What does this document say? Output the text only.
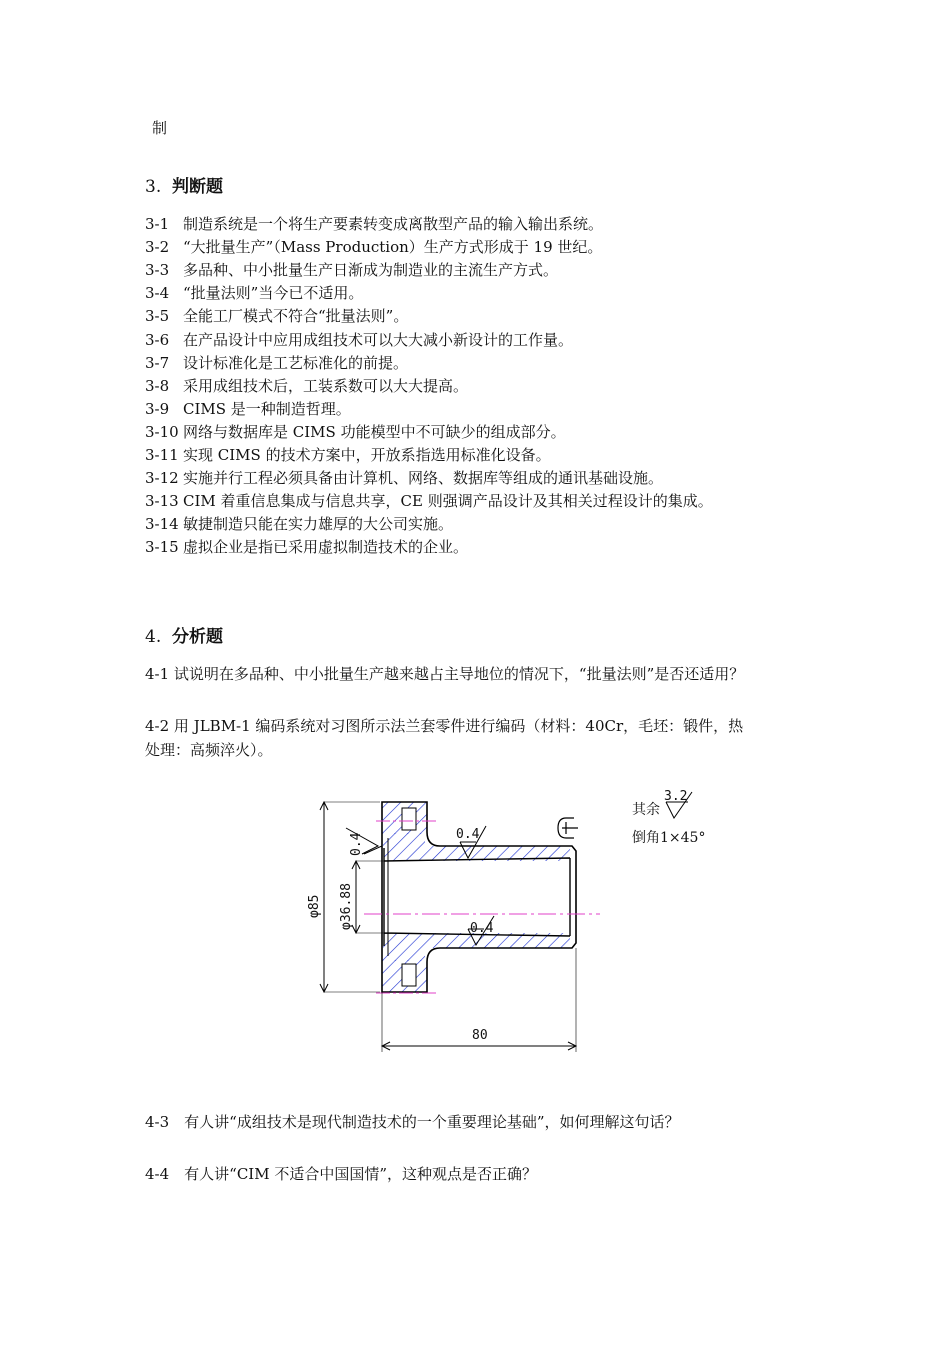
制
3. 判断题
3-1 制造系统是一个将生产要素转变成离散型产品的输入输出系统。
3-2 “大批量生产”（Mass Production）生产方式形成于 19 世纪。
3-3 多品种、中小批量生产日渐成为制造业的主流生产方式。
3-4 “批量法则”当今已不适用。
3-5 全能工厂模式不符合“批量法则”。
3-6 在产品设计中应用成组技术可以大大减小新设计的工作量。
3-7 设计标准化是工艺标准化的前提。
3-8 采用成组技术后，工装系数可以大大提高。
3-9 CIMS 是一种制造哲理。
3-10 网络与数据库是 CIMS 功能模型中不可缺少的组成部分。
3-11 实现 CIMS 的技术方案中，开放系指选用标准化设备。
3-12 实施并行工程必须具备由计算机、网络、数据库等组成的通讯基础设施。
3-13 CIM 着重信息集成与信息共享，CE 则强调产品设计及其相关过程设计的集成。
3-14 敏捷制造只能在实力雄厚的大公司实施。
3-15 虚拟企业是指已采用虚拟制造技术的企业。
4. 分析题
4-1 试说明在多品种、中小批量生产越来越占主导地位的情况下，“批量法则”是否还适用？
4-2 用 JLBM-1 编码系统对习图所示法兰套零件进行编码（材料：40Cr，毛坯：锻件，热
处理：高频淬火）。
0.4
0.4
0.4
φ85 φ36.88
80
其余
3.2
倒角1×45°
4-3　有人讲“成组技术是现代制造技术的一个重要理论基础”，如何理解这句话？
4-4　有人讲“CIM 不适合中国国情”，这种观点是否正确？
